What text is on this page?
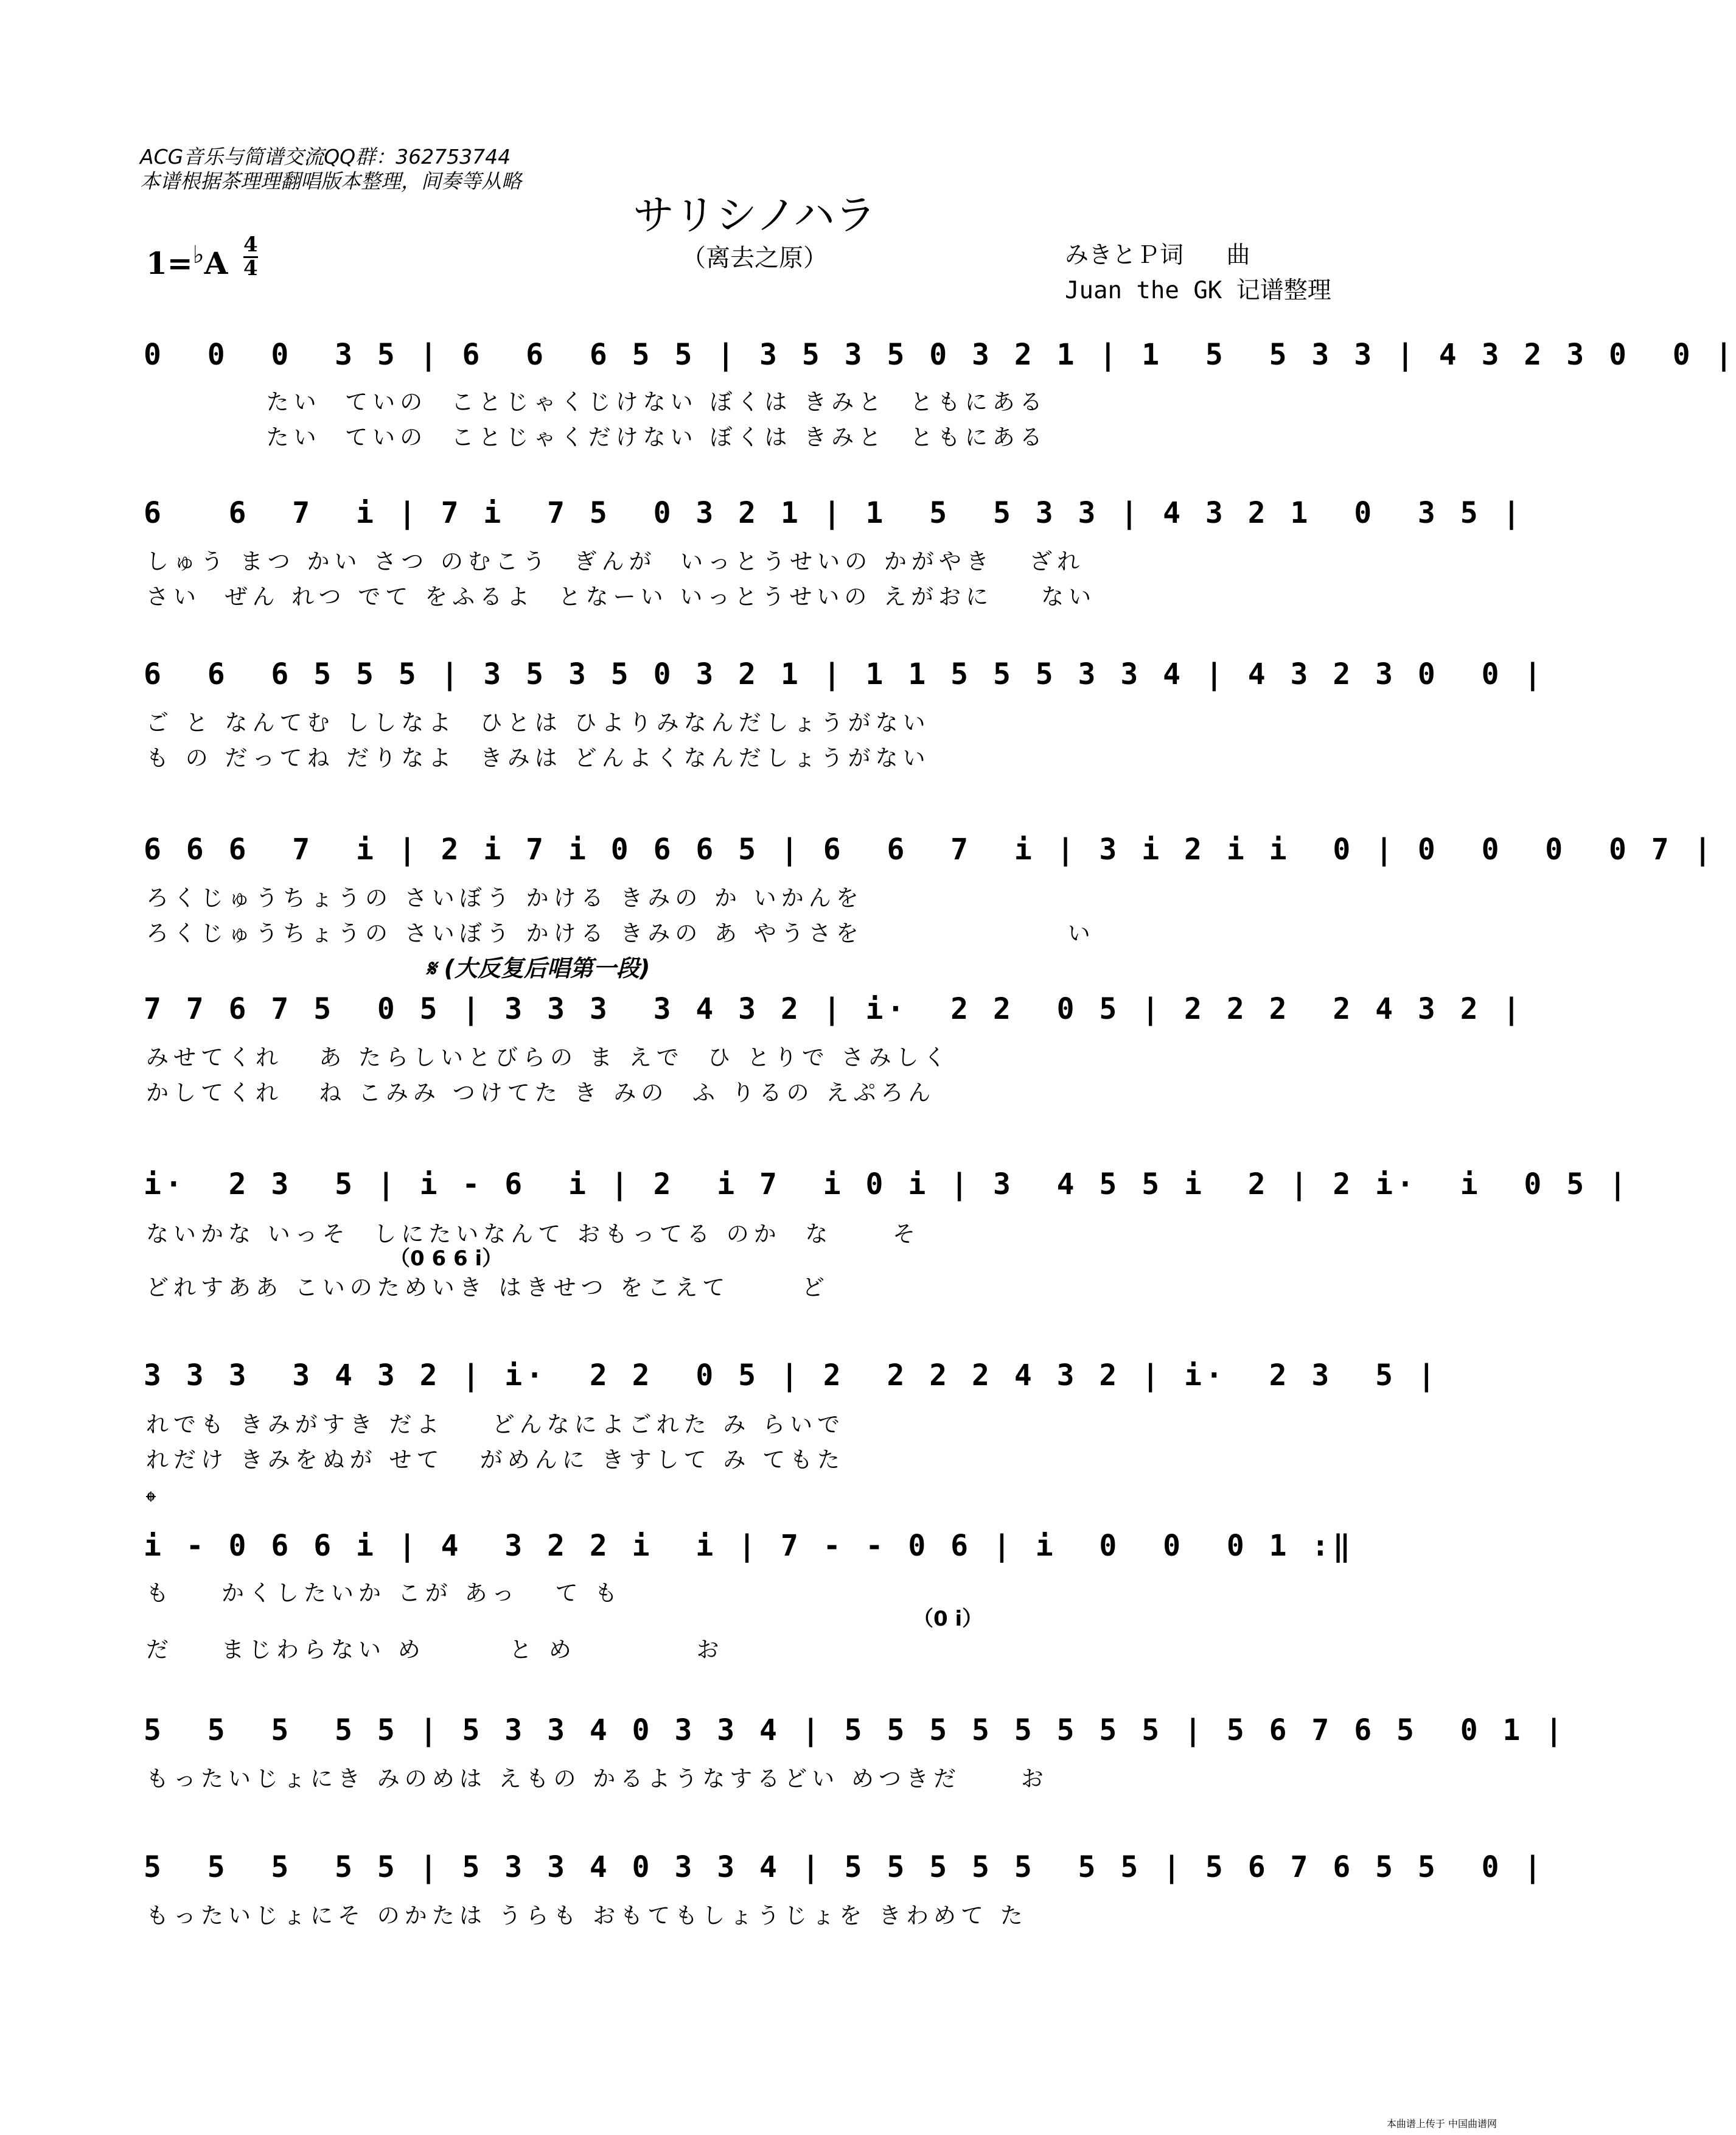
ACG音乐与简谱交流QQ群：362753744
本谱根据茶理理翻唱版本整理，间奏等从略
サリシノハラ
（离去之原）
1=♭A
4
4	みきとＰ词   曲
Juan the GK 记谱整理
0  0  0  3 5 | 6  6  6 5 5 | 3 5 3 5 0 3 2 1 | 1  5  5 3 3 | 4 3 2 3 0  0 |
たい  ていの  ことじゃくじけない ぼくは きみと  ともにある
たい  ていの  ことじゃくだけない ぼくは きみと  ともにある
6   6  7  i | 7 i  7 5  0 3 2 1 | 1  5  5 3 3 | 4 3 2 1  0  3 5 |
しゅう まつ かい さつ のむこう  ぎんが  いっとうせいの かがやき   ざれ
さい  ぜん れつ でて をふるよ  となーい いっとうせいの えがおに    ない
6  6  6 5 5 5 | 3 5 3 5 0 3 2 1 | 1 1 5 5 5 3 3 4 | 4 3 2 3 0  0 |
ご と なんてむ ししなよ  ひとは ひよりみなんだしょうがない
も の だってね だりなよ  きみは どんよくなんだしょうがない
6 6 6  7  i | 2 i 7 i 0 6 6 5 | 6  6  7  i | 3 i 2 i i  0 | 0  0  0  0 7 |
ろくじゅうちょうの さいぼう かける きみの か いかんを
ろくじゅうちょうの さいぼう かける きみの あ やうさを                 い
𝄋 (大反复后唱第一段)
7 7 6 7 5  0 5 | 3 3 3  3 4 3 2 | i·  2 2  0 5 | 2 2 2  2 4 3 2 |
みせてくれ   あ たらしいとびらの ま えで  ひ とりで さみしく
かしてくれ   ね こみみ つけてた き みの  ふ りるの えぷろん
i·  2 3  5 | i - 6  i | 2  i 7  i 0 i | 3  4 5 5 i  2 | 2 i·  i  0 5 |
ないかな いっそ  しにたいなんて おもってる のか  な     そ
（0 6 6 i）
どれすああ こいのためいき はきせつ をこえて      ど
3 3 3  3 4 3 2 | i·  2 2  0 5 | 2  2 2 2 4 3 2 | i·  2 3  5 |
れでも きみがすき だよ    どんなによごれた み らいで
れだけ きみをぬが せて   がめんに きすして み てもた
𝄌
i - 0 6 6 i | 4  3 2 2 i  i | 7 - - 0 6 | i  0  0  0 1 :‖
も    かくしたいか こが あっ   て も
（0 i）
だ    まじわらない め       と め          お
5  5  5  5 5 | 5 3 3 4 0 3 3 4 | 5 5 5 5 5 5 5 5 | 5 6 7 6 5  0 1 |
もったいじょにき みのめは えもの かるようなするどい めつきだ     お
5  5  5  5 5 | 5 3 3 4 0 3 3 4 | 5 5 5 5 5  5 5 | 5 6 7 6 5 5  0 |
もったいじょにそ のかたは うらも おもてもしょうじょを きわめて た
本曲谱上传于 中国曲谱网
